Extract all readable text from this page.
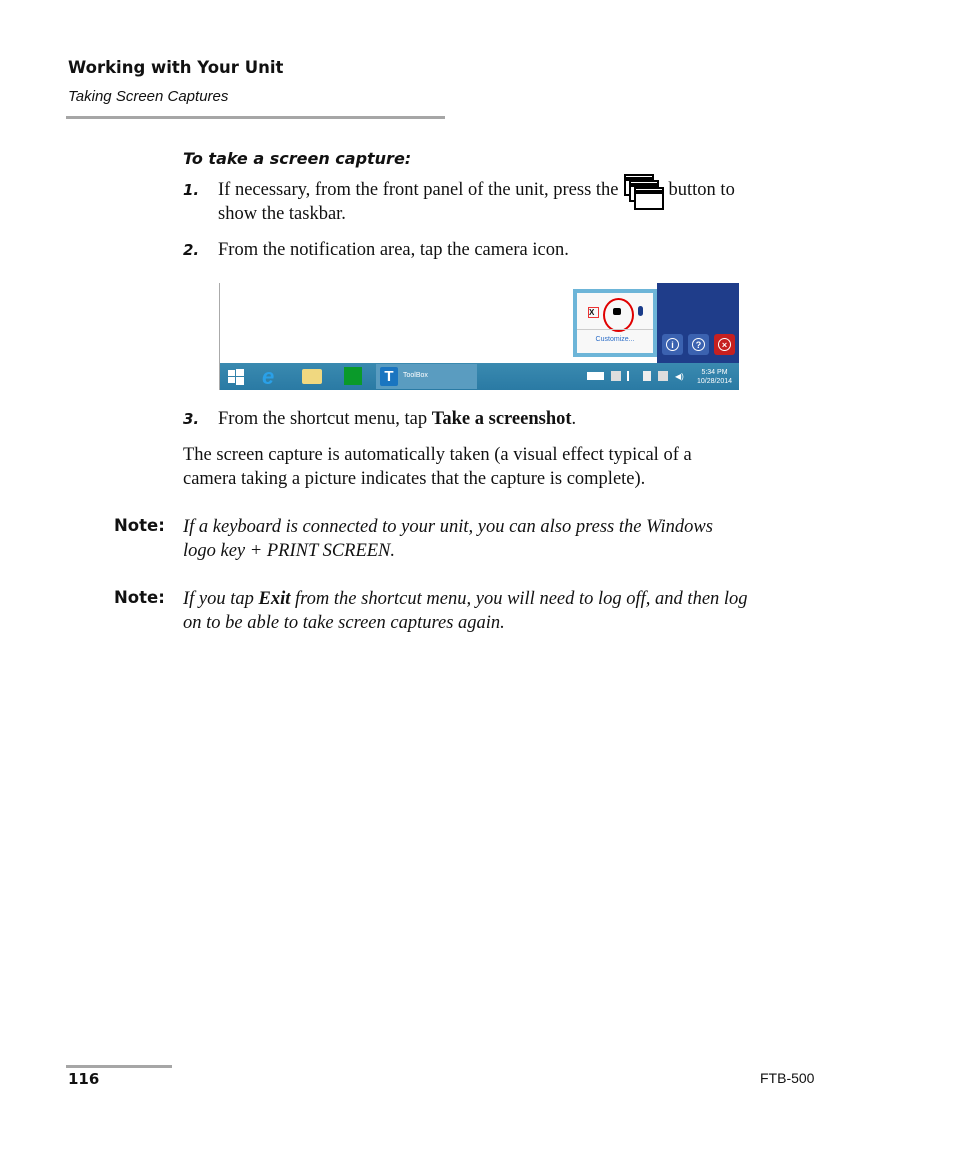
Working with Your Unit
Taking Screen Captures
To take a screen capture:
1. If necessary, from the front panel of the unit, press the	button to
show the taskbar.
2. From the notification area, tap the camera icon.
i	?	×
X
Customize...
e	T	ToolBox	◀)	5:34 PM
10/28/2014
3. From the shortcut menu, tap Take a screenshot.
The screen capture is automatically taken (a visual effect typical of a
camera taking a picture indicates that the capture is complete).
Note: If a keyboard is connected to your unit, you can also press the Windows
logo key + PRINT SCREEN.
Note: If you tap Exit from the shortcut menu, you will need to log off, and then log
on to be able to take screen captures again.
116	FTB-500
